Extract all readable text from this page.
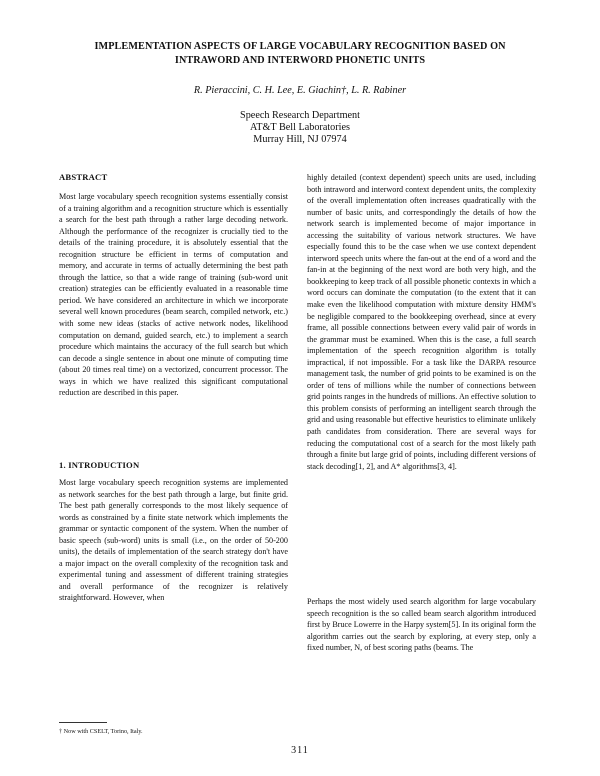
IMPLEMENTATION ASPECTS OF LARGE VOCABULARY RECOGNITION BASED ON INTRAWORD AND INTERWORD PHONETIC UNITS
R. Pieraccini, C. H. Lee, E. Giachin†, L. R. Rabiner
Speech Research Department
AT&T Bell Laboratories
Murray Hill, NJ 07974
ABSTRACT

Most large vocabulary speech recognition systems essentially consist of a training algorithm and a recognition structure which is essentially a search for the best path through a rather large decoding network. Although the performance of the recognizer is crucially tied to the details of the training procedure, it is absolutely essential that the recognition structure be efficient in terms of computation and memory, and accurate in terms of actually determining the best path through the lattice, so that a wide range of training (sub-word unit creation) strategies can be efficiently evaluated in a reasonable time period. We have considered an architecture in which we incorporate several well known procedures (beam search, compiled network, etc.) with some new ideas (stacks of active network nodes, likelihood computation on demand, guided search, etc.) to implement a search procedure which maintains the accuracy of the full search but which can decode a single sentence in about one minute of computing time (about 20 times real time) on a vectorized, concurrent processor. The ways in which we have realized this significant computational reduction are described in this paper.

1. INTRODUCTION

Most large vocabulary speech recognition systems are implemented as network searches for the best path through a large, but finite grid. The best path generally corresponds to the most likely sequence of words as constrained by a finite state network which implements the grammar or syntactic component of the system. When the number of basic speech (sub-word) units is small (i.e., on the order of 50-200 units), the details of implementation of the search strategy don't have a major impact on the overall complexity of the recognition task and experimental tuning and assessment of different training strategies and overall performance of the recognizer is relatively straightforward. However, when

† Now with CSELT, Torino, Italy.

highly detailed (context dependent) speech units are used, including both intraword and interword context dependent units, the complexity of the overall implementation often increases quadratically with the number of basic units, and correspondingly the details of how the network search is implemented become of major importance in accessing the suitability of various network structures. We have especially found this to be the case when we use context dependent interword speech units where the fan-out at the end of a word and the fan-in at the beginning of the next word are both very high, and the bookkeeping to keep track of all possible phonetic contexts in which a word occurs can dominate the computation (to the extent that it can make even the likelihood computation with mixture density HMM's be negligible compared to the bookkeeping overhead, since at every frame, all possible connections between every valid pair of words in the grammar must be examined. When this is the case, a full search implementation of the speech recognition algorithm is totally impractical, if not impossible. For a task like the DARPA resource management task, the number of grid points to be examined is on the order of tens of millions while the number of connections between grid points ranges in the hundreds of millions. An effective solution to this problem consists of performing an intelligent search through the grid and using reasonable but effective heuristics to eliminate unlikely path candidates from consideration. There are several ways for reducing the computational cost of a search for the most likely path through a finite but large grid of points, including different versions of stack decoding[1, 2], and A* algorithms[3, 4].

Perhaps the most widely used search algorithm for large vocabulary speech recognition is the so called beam search algorithm introduced first by Bruce Lowerre in the Harpy system[5]. In its original form the algorithm carries out the search by exploring, at every step, only a fixed number, N, of best scoring paths (beams. The

311
